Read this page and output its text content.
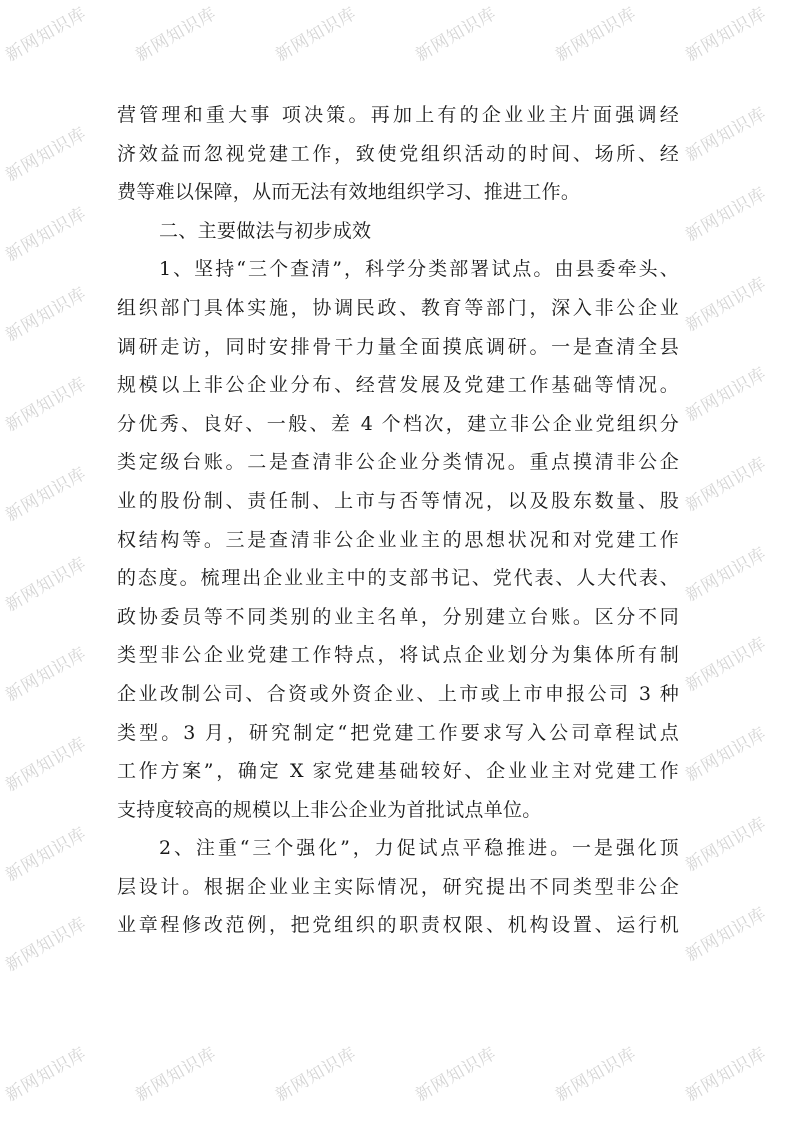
新网知识库 新网知识库	新网知识库	新网知识库	新网知识库 新网知识库
新网知识库	新网知识库
新网知识库	新网知识库
新网知识库	新网知识库
新网知识库	新网知识库
新网知识库	新网知识库
新网知识库	新网知识库
新网知识库	新网知识库
新网知识库	新网知识库
新网知识库	新网知识库
新网知识库	新网知识库
新网知识库 新网知识库	新网知识库	新网知识库	新网知识库 新网知识库
营管理和重大事 项决策。再加上有的企业业主片面强调经
济效益而忽视党建工作，致使党组织活动的时间、场所、经
费等难以保障，从而无法有效地组织学习、推进工作。
二、主要做法与初步成效
1、坚持“三个查清”，科学分类部署试点。由县委牵头、
组织部门具体实施，协调民政、教育等部门，深入非公企业
调研走访，同时安排骨干力量全面摸底调研。一是查清全县
规模以上非公企业分布、经营发展及党建工作基础等情况。
分优秀、良好、一般、差 4 个档次，建立非公企业党组织分
类定级台账。二是查清非公企业分类情况。重点摸清非公企
业的股份制、责任制、上市与否等情况，以及股东数量、股
权结构等。三是查清非公企业业主的思想状况和对党建工作
的态度。梳理出企业业主中的支部书记、党代表、人大代表、
政协委员等不同类别的业主名单，分别建立台账。区分不同
类型非公企业党建工作特点，将试点企业划分为集体所有制
企业改制公司、合资或外资企业、上市或上市申报公司 3 种
类型。3 月，研究制定“把党建工作要求写入公司章程试点
工作方案”，确定 X 家党建基础较好、企业业主对党建工作
支持度较高的规模以上非公企业为首批试点单位。
2、注重“三个强化”，力促试点平稳推进。一是强化顶
层设计。根据企业业主实际情况，研究提出不同类型非公企
业章程修改范例，把党组织的职责权限、机构设置、运行机
